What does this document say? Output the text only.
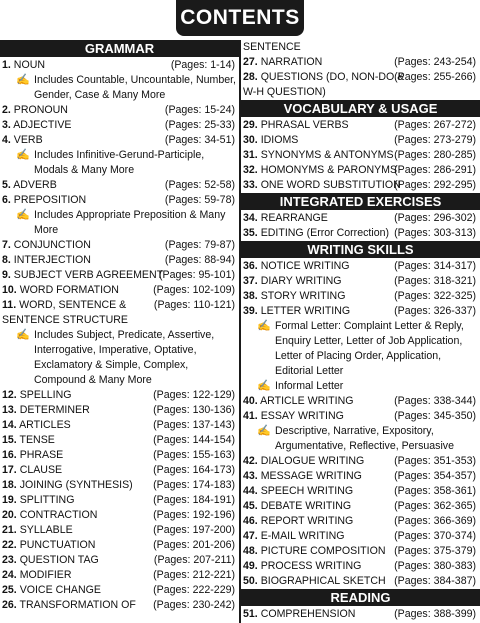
CONTENTS
GRAMMAR
1. NOUN	(Pages: 1-14)
✍ Includes Countable, Uncountable, Number,
Gender, Case & Many More
2. PRONOUN	(Pages: 15-24)
3. ADJECTIVE	(Pages: 25-33)
4. VERB	(Pages: 34-51)
✍ Includes Infinitive-Gerund-Participle,
Modals & Many More
5. ADVERB	(Pages: 52-58)
6. PREPOSITION	(Pages: 59-78)
✍ Includes Appropriate Preposition & Many
More
7. CONJUNCTION	(Pages: 79-87)
8. INTERJECTION	(Pages: 88-94)
9. SUBJECT VERB AGREEMENT
(Pages: 95-101)
10. WORD FORMATION	(Pages: 102-109)
11. WORD, SENTENCE &	(Pages: 110-121)
SENTENCE STRUCTURE
✍ Includes Subject, Predicate, Assertive,
Interrogative, Imperative, Optative,
Exclamatory & Simple, Complex,
Compound & Many More
12. SPELLING	(Pages: 122-129)
13. DETERMINER	(Pages: 130-136)
14. ARTICLES	(Pages: 137-143)
15. TENSE	(Pages: 144-154)
16. PHRASE	(Pages: 155-163)
17. CLAUSE	(Pages: 164-173)
18. JOINING (SYNTHESIS) (Pages: 174-183)
19. SPLITTING	(Pages: 184-191)
20. CONTRACTION	(Pages: 192-196)
21. SYLLABLE	(Pages: 197-200)
22. PUNCTUATION	(Pages: 201-206)
23. QUESTION TAG	(Pages: 207-211)
24. MODIFIER	(Pages: 212-221)
25. VOICE CHANGE	(Pages: 222-229)
26. TRANSFORMATION OF (Pages: 230-242)
SENTENCE
27. NARRATION	(Pages: 243-254)
28. QUESTIONS (DO, NON-DO &
(Pages: 255-266)
W-H QUESTION)
VOCABULARY & USAGE
29. PHRASAL VERBS	(Pages: 267-272)
30. IDIOMS	(Pages: 273-279)
31. SYNONYMS & ANTONYMS (Pages: 280-285)
32. HOMONYMS & PARONYMS
(Pages: 286-291)
33. ONE WORD SUBSTITUTION
(Pages: 292-295)
INTEGRATED EXERCISES
34. REARRANGE	(Pages: 296-302)
35. EDITING (Error Correction) (Pages: 303-313)
WRITING SKILLS
36. NOTICE WRITING	(Pages: 314-317)
37. DIARY WRITING	(Pages: 318-321)
38. STORY WRITING	(Pages: 322-325)
39. LETTER WRITING	(Pages: 326-337)
✍ Formal Letter: Complaint Letter & Reply,
Enquiry Letter, Letter of Job Application,
Letter of Placing Order, Application,
Editorial Letter
✍ Informal Letter
40. ARTICLE WRITING	(Pages: 338-344)
41. ESSAY WRITING	(Pages: 345-350)
✍ Descriptive, Narrative, Expository,
Argumentative, Reflective, Persuasive
42. DIALOGUE WRITING	(Pages: 351-353)
43. MESSAGE WRITING	(Pages: 354-357)
44. SPEECH WRITING	(Pages: 358-361)
45. DEBATE WRITING	(Pages: 362-365)
46. REPORT WRITING	(Pages: 366-369)
47. E-MAIL WRITING	(Pages: 370-374)
48. PICTURE COMPOSITION (Pages: 375-379)
49. PROCESS WRITING	(Pages: 380-383)
50. BIOGRAPHICAL SKETCH (Pages: 384-387)
READING
51. COMPREHENSION	(Pages: 388-399)
